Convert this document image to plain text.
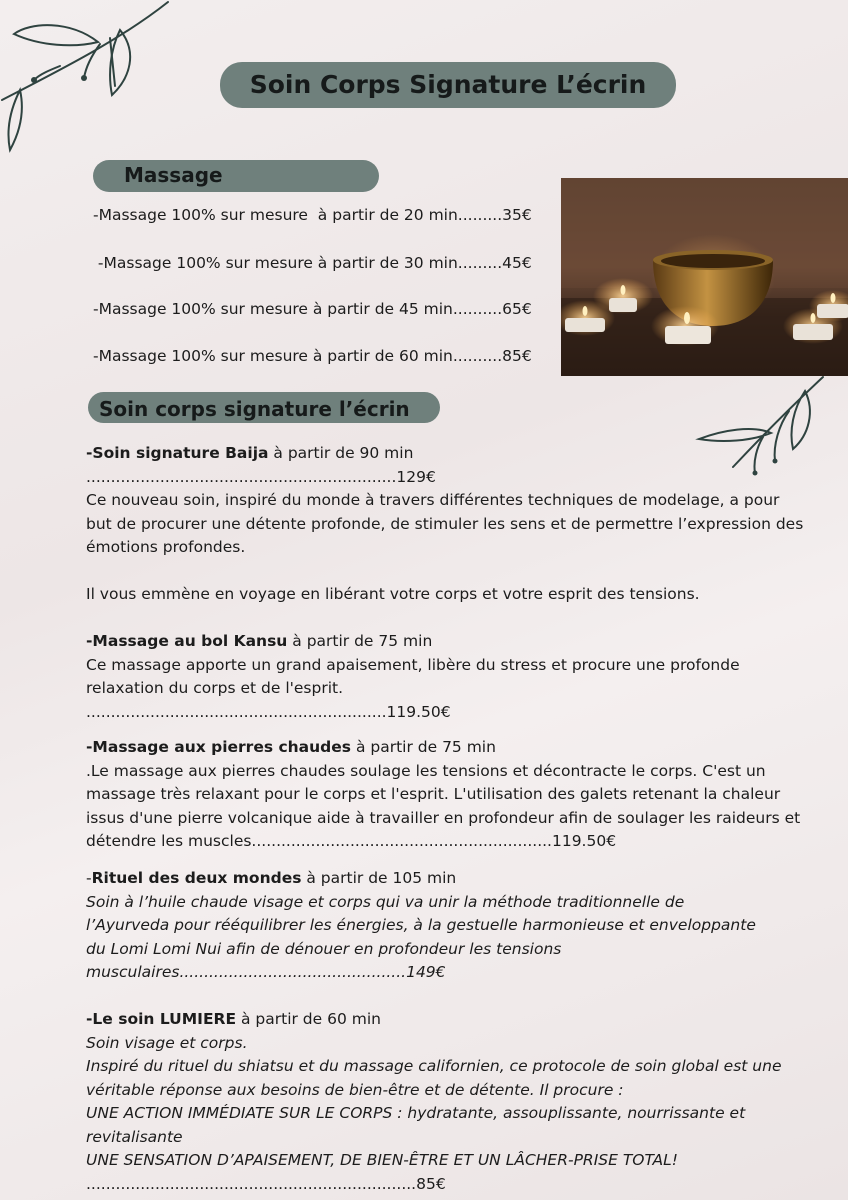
Soin Corps Signature L’écrin
Massage
-Massage 100% sur mesure  à partir de 20 min.........35€
-Massage 100% sur mesure à partir de 30 min.........45€
-Massage 100% sur mesure à partir de 45 min..........65€
-Massage 100% sur mesure à partir de 60 min..........85€
Soin corps signature l’écrin

-Soin signature Baija à partir de 90 min

...............................................................129€

Ce nouveau soin, inspiré du monde à travers différentes techniques de modelage, a pour but de procurer une détente profonde, de stimuler les sens et de permettre l’expression des émotions profondes.

Il vous emmène en voyage en libérant votre corps et votre esprit des tensions.

-Massage au bol Kansu à partir de 75 min

Ce massage apporte un grand apaisement, libère du stress et procure une profonde relaxation du corps et de l'esprit.

.............................................................119.50€

-Massage aux pierres chaudes à partir de 75 min

.Le massage aux pierres chaudes soulage les tensions et décontracte le corps. C'est un massage très relaxant pour le corps et l'esprit. L'utilisation des galets retenant la chaleur issus d'une pierre volcanique aide à travailler en profondeur afin de soulager les raideurs et détendre les muscles.............................................................119.50€

-Rituel des deux mondes à partir de 105 min

Soin à l’huile chaude visage et corps qui va unir la méthode traditionnelle de l’Ayurveda pour rééquilibrer les énergies, à la gestuelle harmonieuse et enveloppante du Lomi Lomi Nui afin de dénouer en profondeur les tensions musculaires..............................................149€

-Le soin LUMIERE à partir de 60 min

Soin visage et corps.

Inspiré du rituel du shiatsu et du massage californien, ce protocole de soin global est une véritable réponse aux besoins de bien-être et de détente. Il procure :

UNE ACTION IMMÉDIATE SUR LE CORPS : hydratante, assouplissante, nourrissante et revitalisante

UNE SENSATION D’APAISEMENT, DE BIEN-ÊTRE ET UN LÂCHER-PRISE TOTAL!

...................................................................85€
